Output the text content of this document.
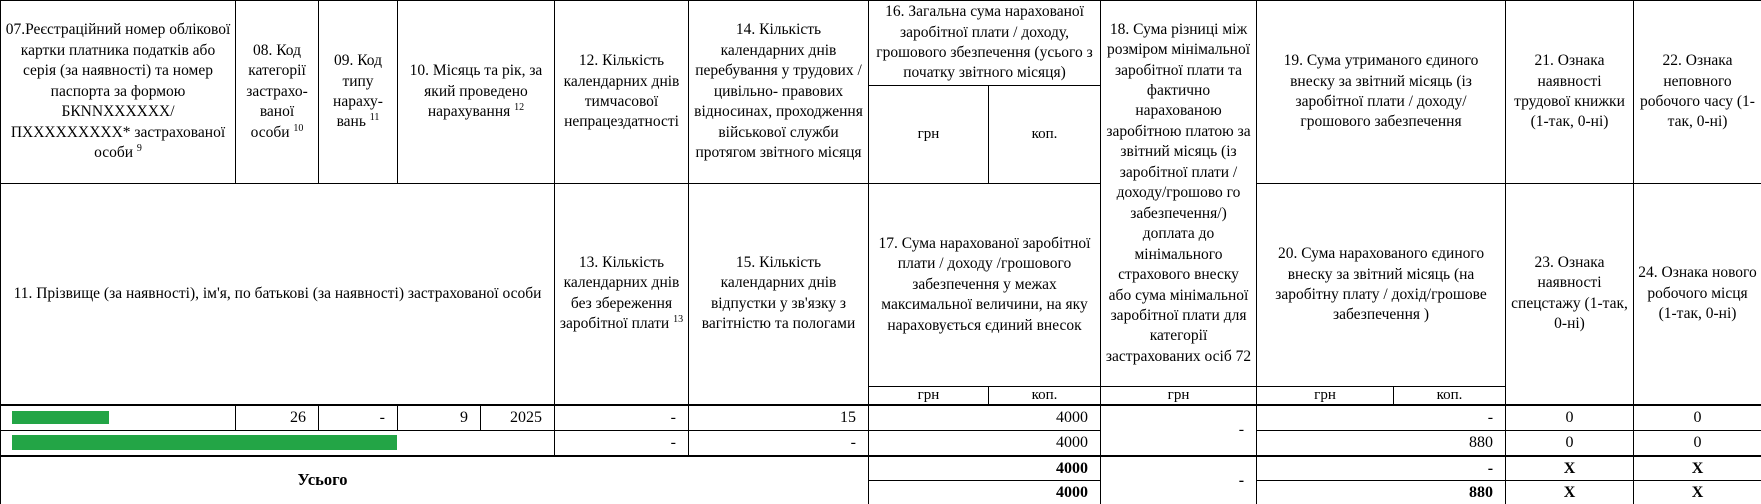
07.Реєстраційний номер облікової картки платника податків або серія (за наявності) та номер паспорта за формою БКNNХХХХХХ/ ПХХХХХХХХХ* застрахованої особи $^9$	08. Код категорії застрахо-ваної особи $^{10}$	09. Код типу нараху-вань $^{11}$	10. Місяць та рік, за який проведено нарахування $^{12}$		12. Кількість календарних днів тимчасової непрацездатності	14. Кількість календарних днів перебування у трудових / цивільно- правових відносинах, проходження військової служби протягом звітного місяця	16. Загальна сума нарахованої заробітної плати / доходу, грошового збезпечення (усього з початку звітного місяця)		18. Сума різниці між розміром мінімальної заробітної плати та фактично нарахованою заробітною платою за звітний місяць (із заробітної плати / доходу/грошово го забезпечення/) доплата до мінімального страхового внеску або сума мінімальної заробітної плати для категорії застрахованих осіб 72	19. Сума утриманого єдиного внеску за звітний місяць (із заробітної плати / доходу/грошового забезпечення		21. Ознака наявності трудової книжки (1-так, 0-ні)	22. Ознака неповного робочого часу (1-так, 0-ні)
							грн	коп.					
11. Прізвище (за наявності), ім'я, по батькові (за наявності) застрахованої особи					13. Кількість календарних днів без збереження заробітної плати $^{13}$	15. Кількість календарних днів відпустки у зв'язку з вагітністю та пологами	17. Сума нарахованої заробітної плати / доходу /грошового забезпечення у межах максимальної величини, на яку нараховується єдиний внесок			20. Сума нарахованого єдиного внеску за звітний місяць (на заробітну плату / дохід/грошове забезпечення )		23. Ознака наявності спецстажу (1-так, 0-ні)	24. Ознака нового робочого місця (1-так, 0-ні)
							грн	коп.	грн	грн	коп.		

	26	-	9	2025	-	15	4000		-	-		0	0

					-	-	4000			880		0	0
Усього							4000		-	-		X	X
							4000			880		X	X
